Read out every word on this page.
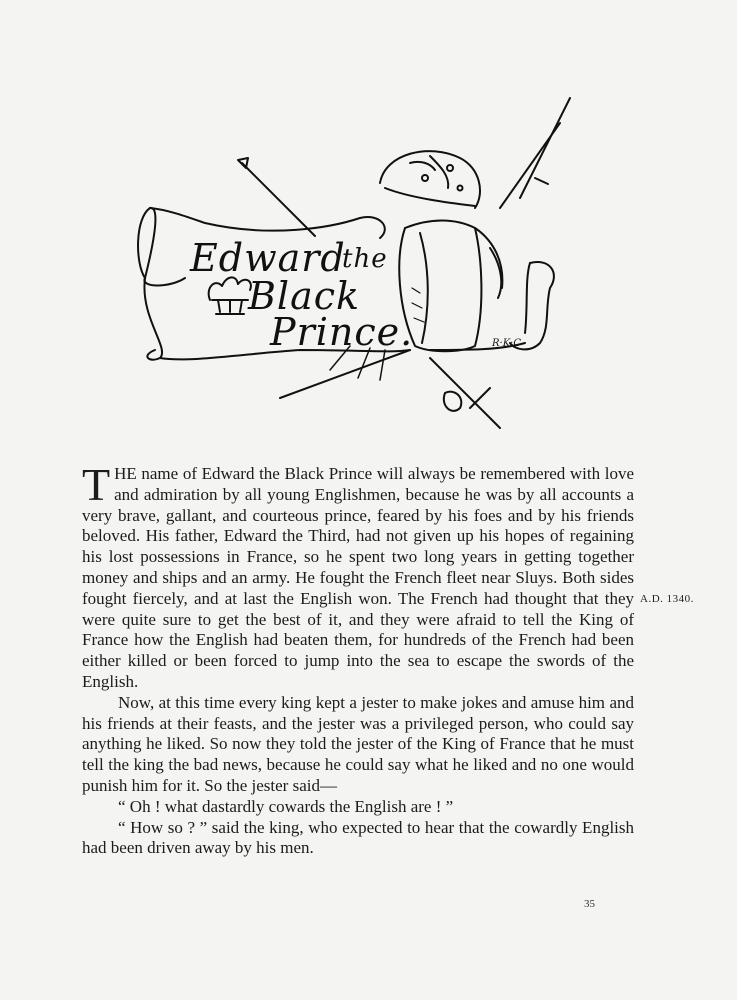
Edward
the
Black
Prince.	R·K·C

THE name of Edward the Black Prince will always be remembered with love and admiration by all young Englishmen, because he was by all accounts a very brave, gallant, and courteous prince, feared by his foes and by his friends beloved. His father, Edward the Third, had not given up his hopes of regaining his lost possessions in France, so he spent two long years in getting together money and ships and an army. He fought the French fleet near Sluys. Both sides fought fiercely, and at last the English won. The French had thought that they were quite sure to get the best of it, and they were afraid to tell the King of France how the English had beaten them, for hundreds of the French had been either killed or been forced to jump into the sea to escape the swords of the English.

Now, at this time every king kept a jester to make jokes and amuse him and his friends at their feasts, and the jester was a privileged person, who could say anything he liked. So now they told the jester of the King of France that he must tell the king the bad news, because he could say what he liked and no one would punish him for it. So the jester said—

“ Oh ! what dastardly cowards the English are ! ”

“ How so ? ” said the king, who expected to hear that the cowardly English had been driven away by his men.

A.D. 1340.
35
